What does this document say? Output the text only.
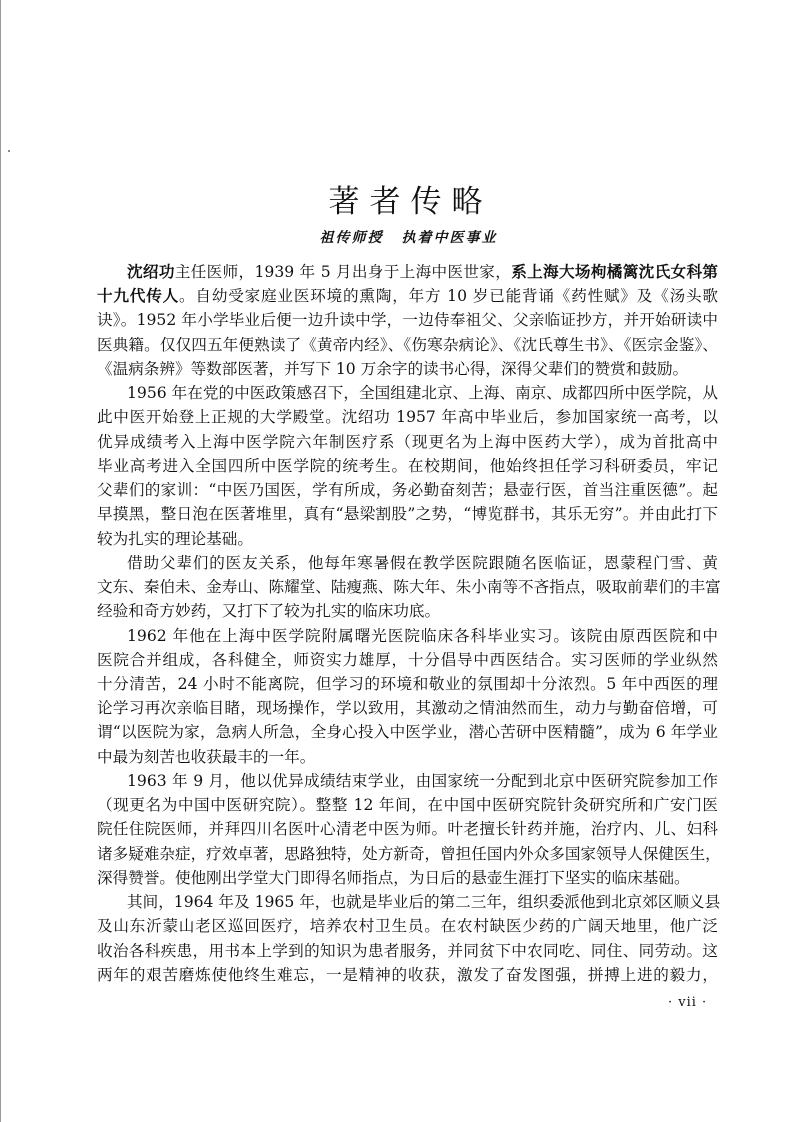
著者传略
祖传师授 执着中医事业
沈绍功主任医师，1939 年 5 月出身于上海中医世家，系上海大场枸橘篱沈氏女科第
十九代传人。自幼受家庭业医环境的熏陶，年方 10 岁已能背诵《药性赋》及《汤头歌
诀》。1952 年小学毕业后便一边升读中学，一边侍奉祖父、父亲临证抄方，并开始研读中
医典籍。仅仅四五年便熟读了《黄帝内经》、《伤寒杂病论》、《沈氏尊生书》、《医宗金鉴》、
《温病条辨》等数部医著，并写下 10 万余字的读书心得，深得父辈们的赞赏和鼓励。
1956 年在党的中医政策感召下，全国组建北京、上海、南京、成都四所中医学院，从
此中医开始登上正规的大学殿堂。沈绍功 1957 年高中毕业后，参加国家统一高考，以
优异成绩考入上海中医学院六年制医疗系（现更名为上海中医药大学），成为首批高中
毕业高考进入全国四所中医学院的统考生。在校期间，他始终担任学习科研委员，牢记
父辈们的家训：“中医乃国医，学有所成，务必勤奋刻苦；悬壶行医，首当注重医德”。起
早摸黑，整日泡在医著堆里，真有“悬梁割股”之势，“博览群书，其乐无穷”。并由此打下
较为扎实的理论基础。
借助父辈们的医友关系，他每年寒暑假在教学医院跟随名医临证，恩蒙程门雪、黄
文东、秦伯未、金寿山、陈耀堂、陆瘦燕、陈大年、朱小南等不吝指点，吸取前辈们的丰富
经验和奇方妙药，又打下了较为扎实的临床功底。
1962 年他在上海中医学院附属曙光医院临床各科毕业实习。该院由原西医院和中
医院合并组成，各科健全，师资实力雄厚，十分倡导中西医结合。实习医师的学业纵然
十分清苦，24 小时不能离院，但学习的环境和敬业的氛围却十分浓烈。5 年中西医的理
论学习再次亲临目睹，现场操作，学以致用，其激动之情油然而生，动力与勤奋倍增，可
谓“以医院为家，急病人所急，全身心投入中医学业，潜心苦研中医精髓”，成为 6 年学业
中最为刻苦也收获最丰的一年。
1963 年 9 月，他以优异成绩结束学业，由国家统一分配到北京中医研究院参加工作
（现更名为中国中医研究院）。整整 12 年间，在中国中医研究院针灸研究所和广安门医
院任住院医师，并拜四川名医叶心清老中医为师。叶老擅长针药并施，治疗内、儿、妇科
诸多疑难杂症，疗效卓著，思路独特，处方新奇，曾担任国内外众多国家领导人保健医生，
深得赞誉。使他刚出学堂大门即得名师指点，为日后的悬壶生涯打下坚实的临床基础。
其间，1964 年及 1965 年，也就是毕业后的第二三年，组织委派他到北京郊区顺义县
及山东沂蒙山老区巡回医疗，培养农村卫生员。在农村缺医少药的广阔天地里，他广泛
收治各科疾患，用书本上学到的知识为患者服务，并同贫下中农同吃、同住、同劳动。这
两年的艰苦磨炼使他终生难忘，一是精神的收获，激发了奋发图强，拼搏上进的毅力，
· vii ·
